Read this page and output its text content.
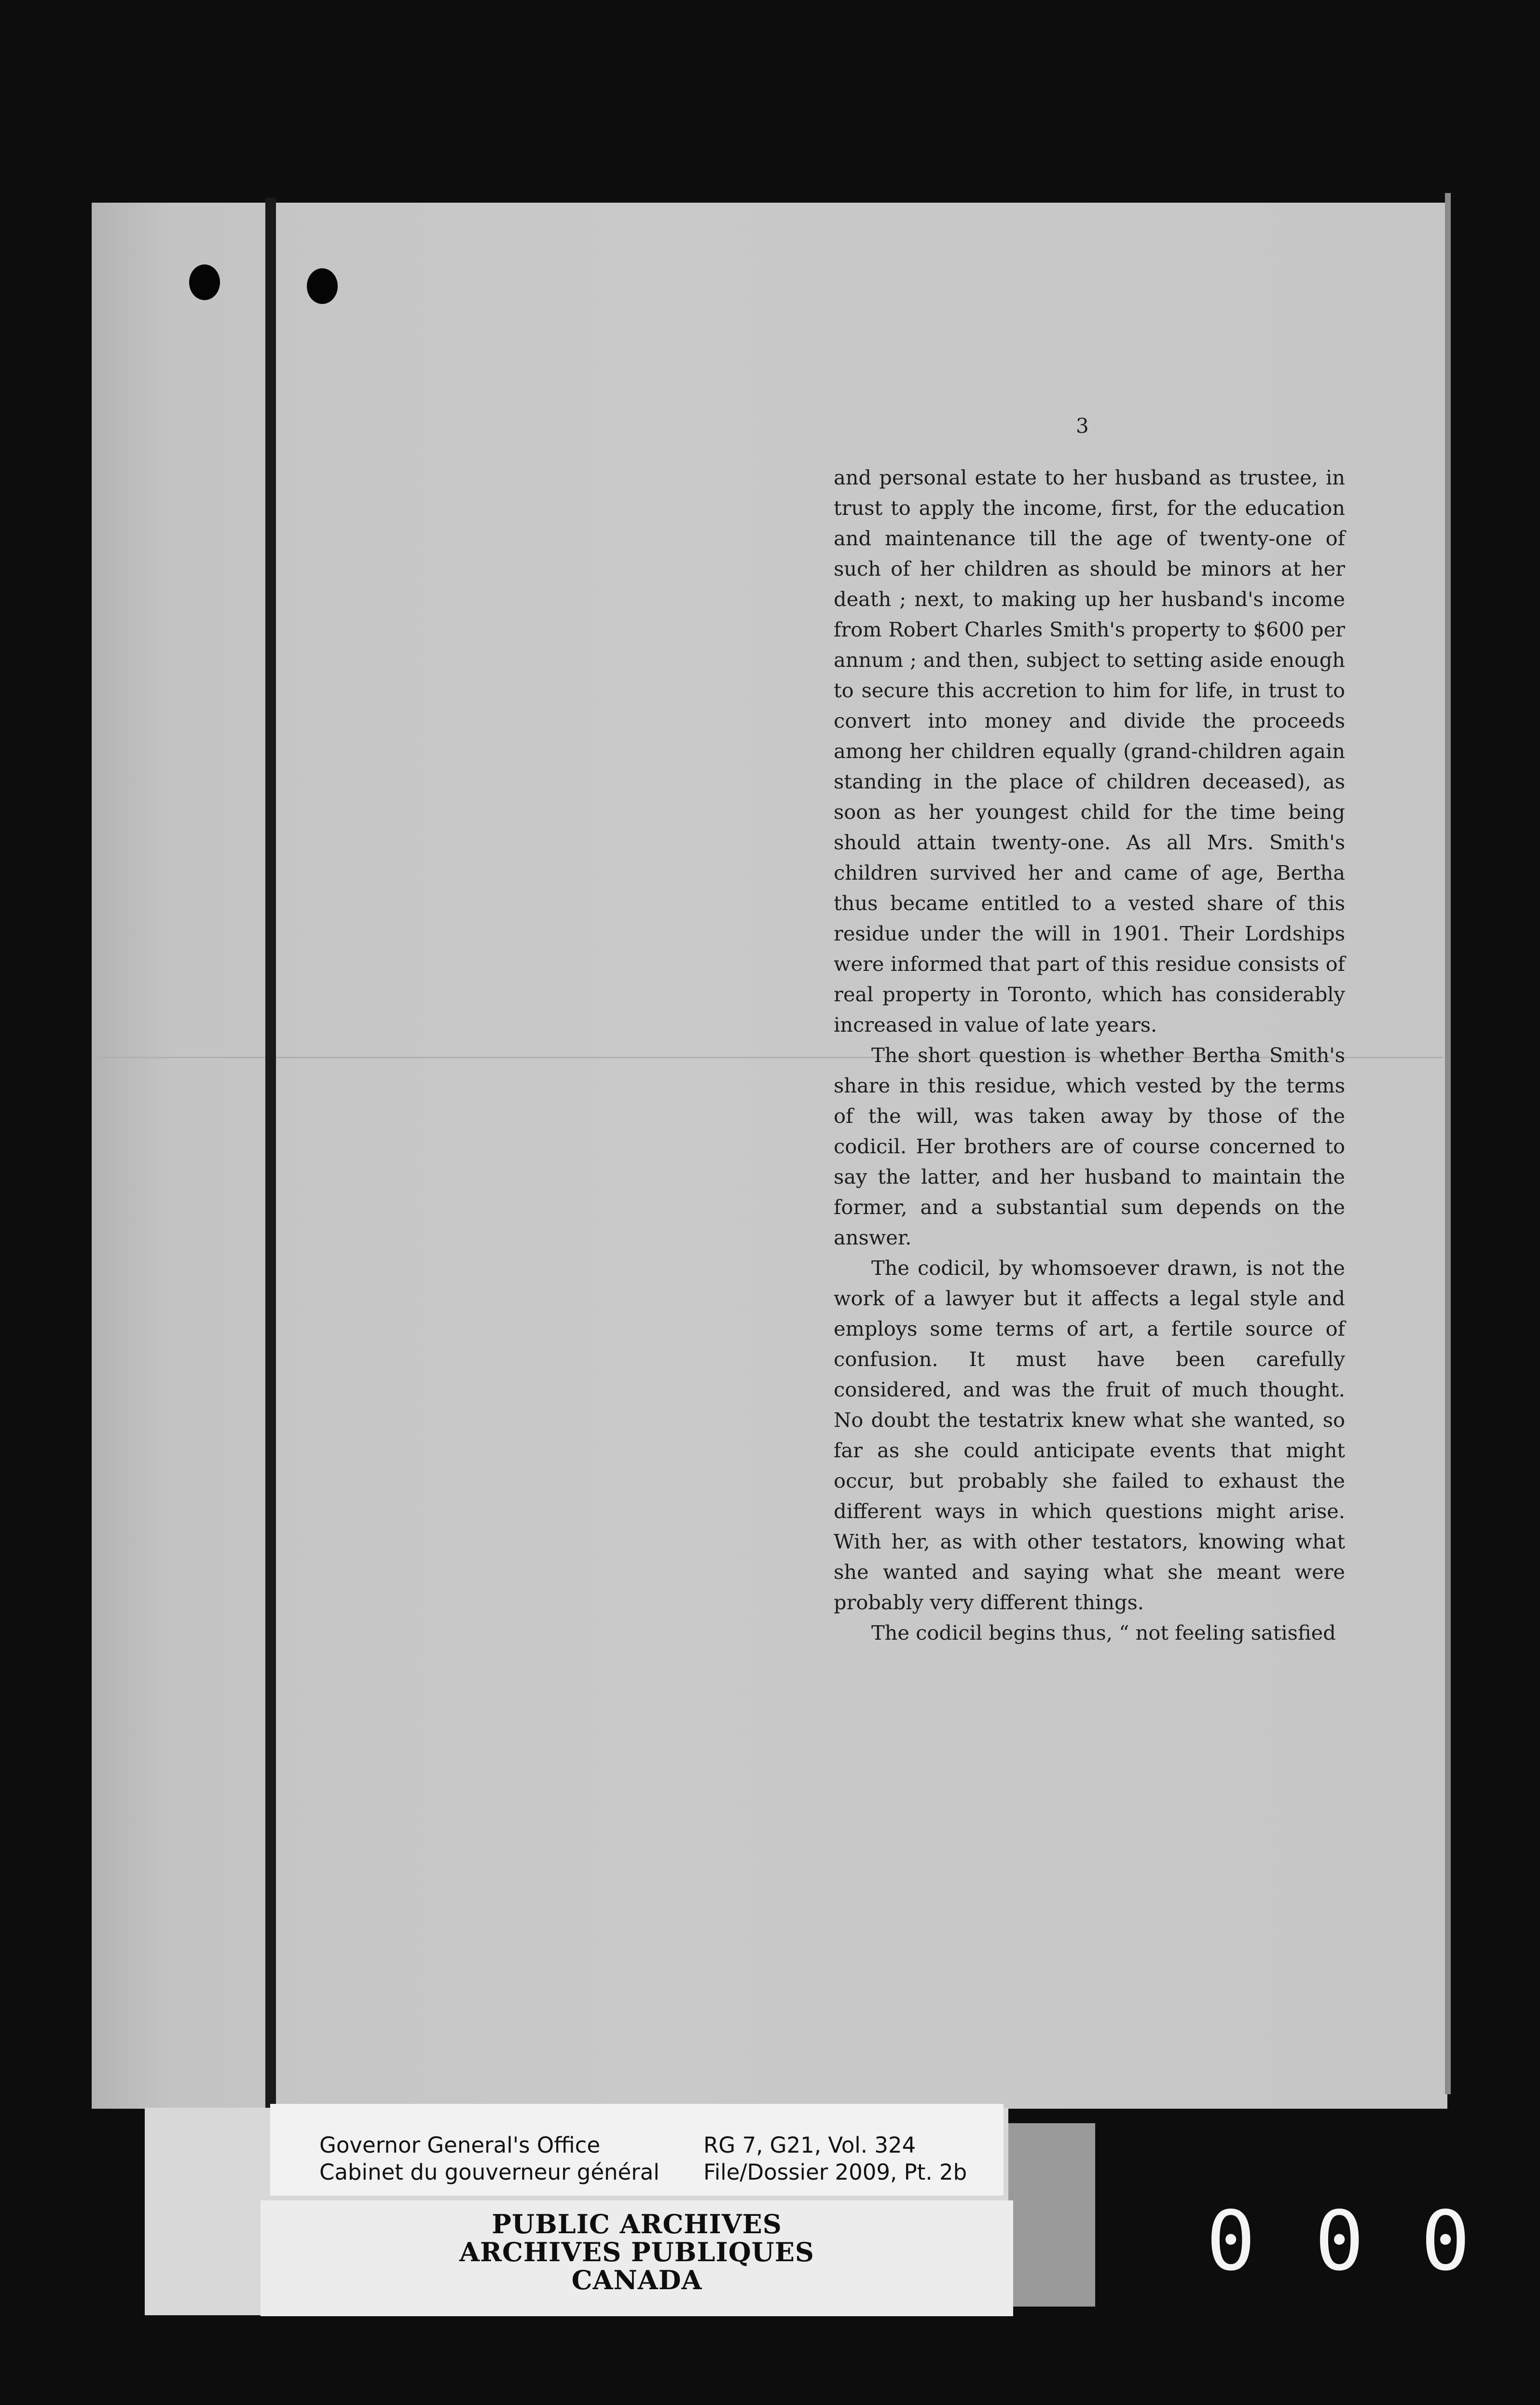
3

and personal estate to her husband as trustee, in trust to apply the income, first, for the education and maintenance till the age of twenty-one of such of her children as should be minors at her death ; next, to making up her husband's income from Robert Charles Smith's property to $600 per annum ; and then, subject to setting aside enough to secure this accretion to him for life, in trust to convert into money and divide the proceeds among her children equally (grand-children again standing in the place of children deceased), as soon as her youngest child for the time being should attain twenty-one. As all Mrs. Smith's children survived her and came of age, Bertha thus became entitled to a vested share of this residue under the will in 1901. Their Lordships were informed that part of this residue consists of real property in Toronto, which has considerably increased in value of late years.

The short question is whether Bertha Smith's share in this residue, which vested by the terms of the will, was taken away by those of the codicil. Her brothers are of course concerned to say the latter, and her husband to maintain the former, and a substantial sum depends on the answer.

The codicil, by whomsoever drawn, is not the work of a lawyer but it affects a legal style and employs some terms of art, a fertile source of confusion. It must have been carefully considered, and was the fruit of much thought. No doubt the testatrix knew what she wanted, so far as she could anticipate events that might occur, but probably she failed to exhaust the different ways in which questions might arise. With her, as with other testators, knowing what she wanted and saying what she meant were probably very different things.

The codicil begins thus, “ not feeling satisfied

Governor General's Office
Cabinet du gouverneur général
RG 7, G21, Vol. 324
File/Dossier 2009, Pt. 2b
PUBLIC ARCHIVES
ARCHIVES PUBLIQUES
CANADA	0 0 0
